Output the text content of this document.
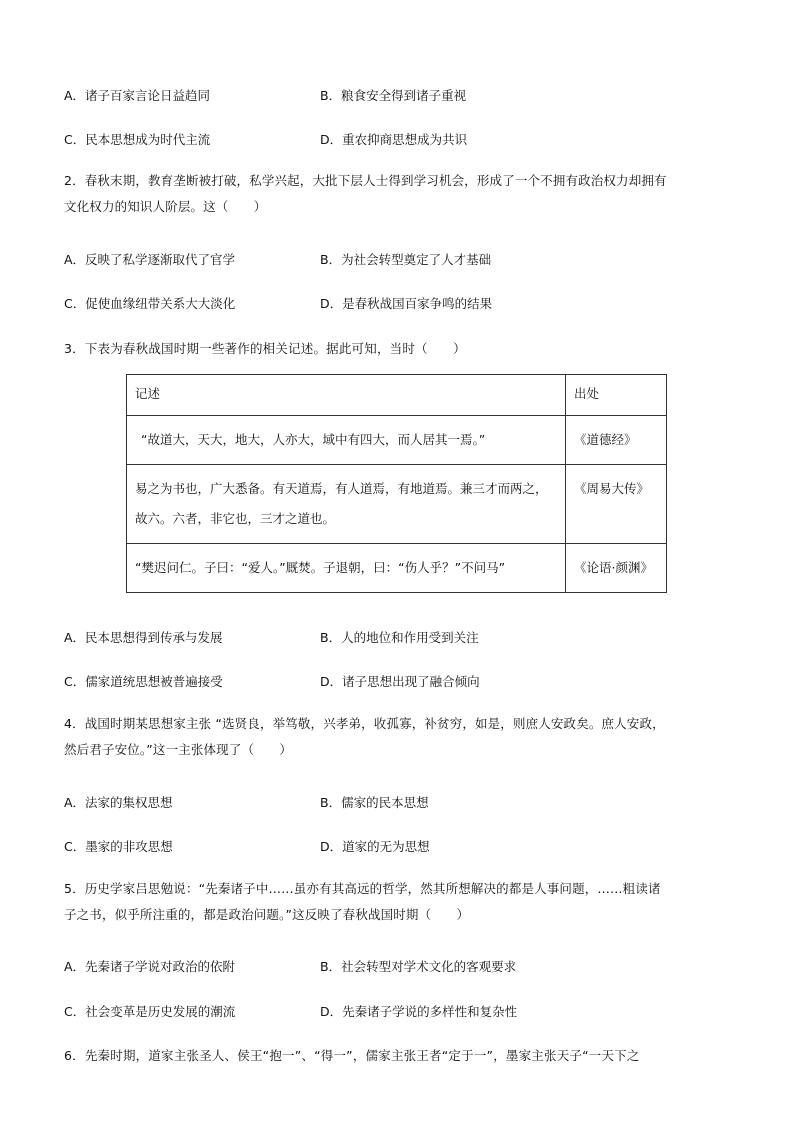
A．诸子百家言论日益趋同	B．粮食安全得到诸子重视
C．民本思想成为时代主流	D．重农抑商思想成为共识
2．春秋末期，教育垄断被打破，私学兴起，大批下层人士得到学习机会，形成了一个不拥有政治权力却拥有
文化权力的知识人阶层。这（　　）
A．反映了私学逐渐取代了官学	B．为社会转型奠定了人才基础
C．促使血缘纽带关系大大淡化	D．是春秋战国百家争鸣的结果
3．下表为春秋战国时期一些著作的相关记述。据此可知，当时（　　）
记述	出处
“故道大，天大，地大，人亦大，域中有四大，而人居其一焉。”	《道德经》
易之为书也，广大悉备。有天道焉，有人道焉，有地道焉。兼三才而两之，故六。六者，非它也，三才之道也。	《周易大传》
“樊迟问仁。子曰：“爱人。”厩焚。子退朝，曰：“伤人乎？”不问马”	《论语·颜渊》
A．民本思想得到传承与发展	B．人的地位和作用受到关注
C．儒家道统思想被普遍接受	D．诸子思想出现了融合倾向
4．战国时期某思想家主张 “选贤良，举笃敬，兴孝弟，收孤寡，补贫穷，如是，则庶人安政矣。庶人安政，
然后君子安位。”这一主张体现了（　　）
A．法家的集权思想	B．儒家的民本思想
C．墨家的非攻思想	D．道家的无为思想
5．历史学家吕思勉说：“先秦诸子中……虽亦有其高远的哲学，然其所想解决的都是人事问题，……粗读诸
子之书，似乎所注重的，都是政治问题。”这反映了春秋战国时期（　　）
A．先秦诸子学说对政治的依附	B．社会转型对学术文化的客观要求
C．社会变革是历史发展的潮流	D．先秦诸子学说的多样性和复杂性
6．先秦时期，道家主张圣人、侯王“抱一”、“得一”，儒家主张王者“定于一”，墨家主张天子“一天下之
